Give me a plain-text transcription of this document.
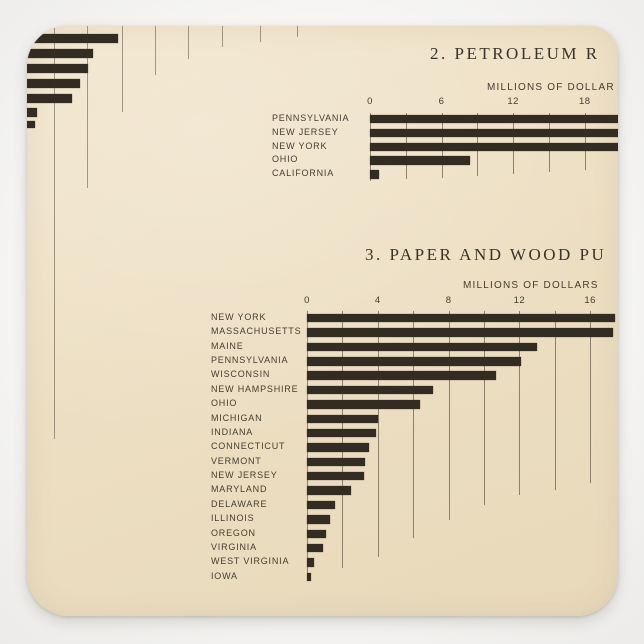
2. PETROLEUM R
MILLIONS OF DOLLAR
0	6	12	18
PENNSYLVANIA
NEW JERSEY
NEW YORK
OHIO
CALIFORNIA
3. PAPER AND WOOD PU
MILLIONS OF DOLLARS
0	4	8	12	16
NEW YORK
MASSACHUSETTS
MAINE
PENNSYLVANIA
WISCONSIN
NEW HAMPSHIRE
OHIO
MICHIGAN
INDIANA
CONNECTICUT
VERMONT
NEW JERSEY
MARYLAND
DELAWARE
ILLINOIS
OREGON
VIRGINIA
WEST VIRGINIA
IOWA
